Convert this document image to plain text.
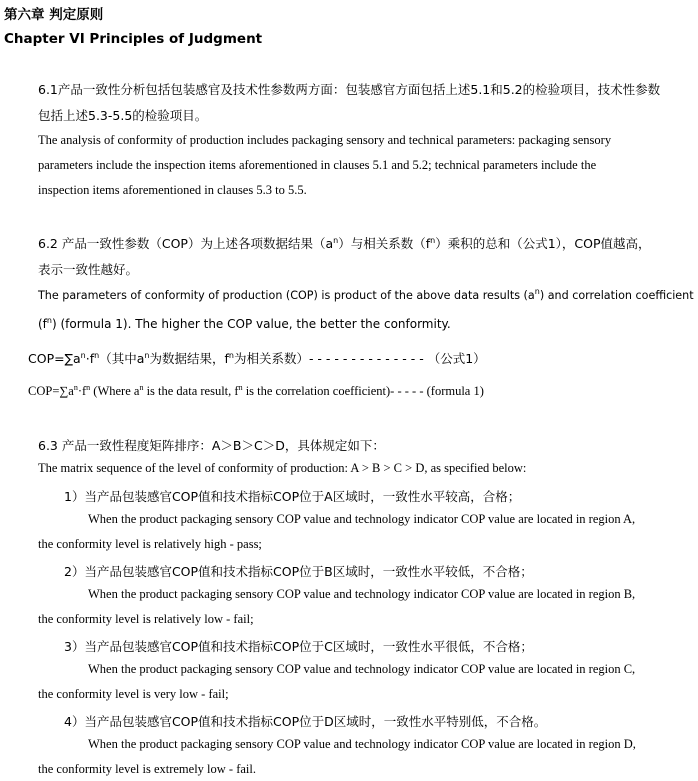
第六章 判定原则
Chapter VI Principles of Judgment
6.1产品一致性分析包括包装感官及技术性参数两方面：包装感官方面包括上述5.1和5.2的检验项目，技术性参数
包括上述5.3-5.5的检验项目。
The analysis of conformity of production includes packaging sensory and technical parameters: packaging sensory
parameters include the inspection items aforementioned in clauses 5.1 and 5.2; technical parameters include the
inspection items aforementioned in clauses 5.3 to 5.5.
6.2 产品一致性参数（COP）为上述各项数据结果$(a^n)$与相关系数$(f^n)$乘积的总和（公式1），COP值越高，
表示一致性越好。
The parameters of conformity of production (COP) is product of the above data results $(a^n)$ and correlation coefficient
$(f^n)$ (formula 1). The higher the COP value, the better the conformity.
$COP=\sum a^n\cdot f^n$（其中$a^n$为数据结果，$f^n$为相关系数）- - - - - - - - - - - - - - （公式1）
$COP=\sum a^n\cdot f^n$ (Where $a^n$ is the data result, $f^n$ is the correlation coefficient)- - - - - (formula 1)
6.3 产品一致性程度矩阵排序：A＞B＞C＞D，具体规定如下：
The matrix sequence of the level of conformity of production: A > B > C > D, as specified below:
1）当产品包装感官COP值和技术指标COP位于A区域时，一致性水平较高，合格；
When the product packaging sensory COP value and technology indicator COP value are located in region A,
the conformity level is relatively high - pass;
2）当产品包装感官COP值和技术指标COP位于B区域时，一致性水平较低，不合格；
When the product packaging sensory COP value and technology indicator COP value are located in region B,
the conformity level is relatively low - fail;
3）当产品包装感官COP值和技术指标COP位于C区域时，一致性水平很低，不合格；
When the product packaging sensory COP value and technology indicator COP value are located in region C,
the conformity level is very low - fail;
4）当产品包装感官COP值和技术指标COP位于D区域时，一致性水平特别低，不合格。
When the product packaging sensory COP value and technology indicator COP value are located in region D,
the conformity level is extremely low - fail.
